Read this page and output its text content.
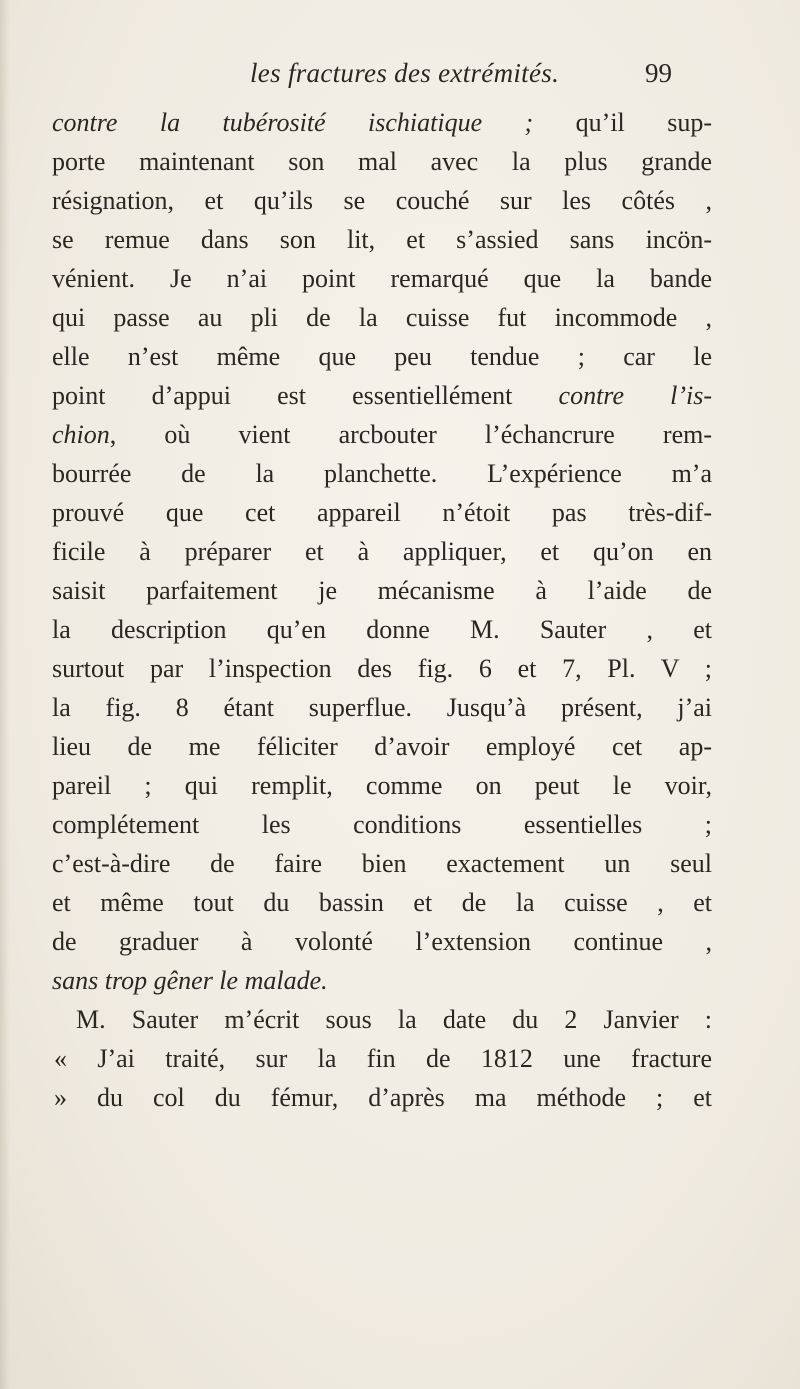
les fractures des extrémités.	99
contre la tubérosité ischiatique ; qu’il sup-
porte maintenant son mal avec la plus grande
résignation, et qu’ils se couché sur les côtés ,
se remue dans son lit, et s’assied sans incön-
vénient. Je n’ai point remarqué que la bande
qui passe au pli de la cuisse fut incommode ,
elle n’est même que peu tendue ; car le
point d’appui est essentiellément contre l’is-
chion, où vient arcbouter l’échancrure rem-
bourrée de la planchette. L’expérience m’a
prouvé que cet appareil n’étoit pas très-dif-
ficile à préparer et à appliquer, et qu’on en
saisit parfaitement je mécanisme à l’aide de
la description qu’en donne M. Sauter , et
surtout par l’inspection des fig. 6 et 7, Pl. V ;
la fig. 8 étant superflue. Jusqu’à présent, j’ai
lieu de me féliciter d’avoir employé cet ap-
pareil ; qui remplit, comme on peut le voir,
complétement les conditions essentielles ;
c’est-à-dire de faire bien exactement un seul
et même tout du bassin et de la cuisse , et
de graduer à volonté l’extension continue ,
sans trop gêner le malade.
M. Sauter m’écrit sous la date du 2 Janvier :
« J’ai traité, sur la fin de 1812 une fracture
» du col du fémur, d’après ma méthode ; et
